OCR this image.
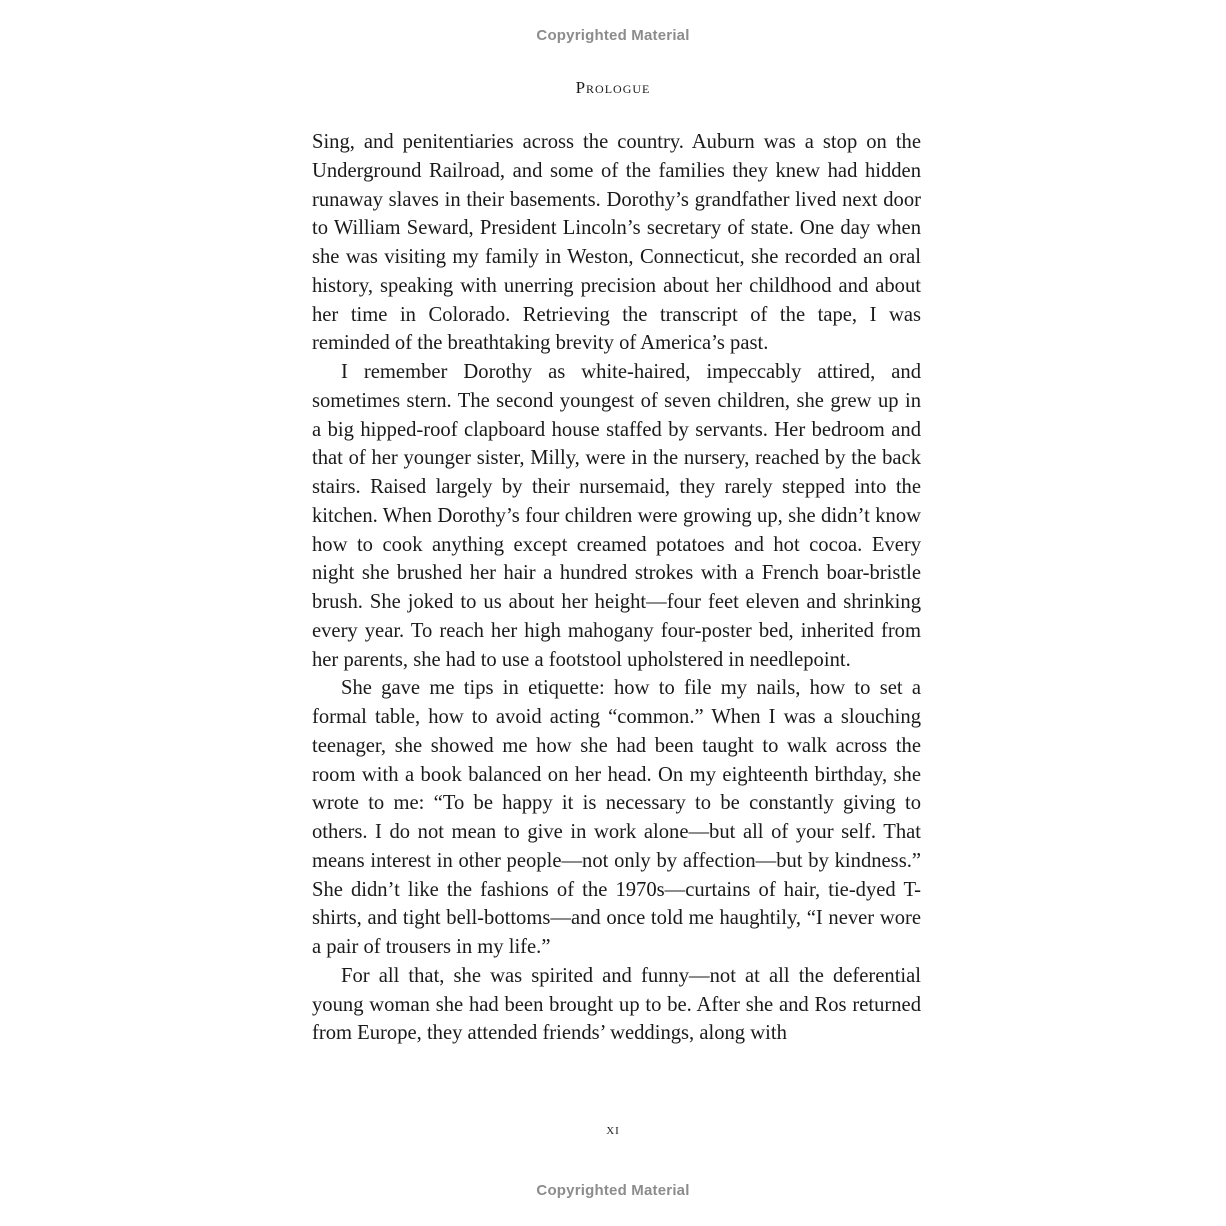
Copyrighted Material
Prologue

Sing, and penitentiaries across the country. Auburn was a stop on the Underground Railroad, and some of the families they knew had hidden runaway slaves in their basements. Dorothy’s grandfather lived next door to William Seward, President Lincoln’s secretary of state. One day when she was visiting my family in Weston, Connecticut, she recorded an oral history, speaking with unerring precision about her childhood and about her time in Colorado. Retrieving the transcript of the tape, I was reminded of the breathtaking brevity of America’s past.

I remember Dorothy as white-haired, impeccably attired, and sometimes stern. The second youngest of seven children, she grew up in a big hipped-roof clapboard house staffed by servants. Her bedroom and that of her younger sister, Milly, were in the nursery, reached by the back stairs. Raised largely by their nursemaid, they rarely stepped into the kitchen. When Dorothy’s four children were growing up, she didn’t know how to cook anything except creamed potatoes and hot cocoa. Every night she brushed her hair a hundred strokes with a French boar-bristle brush. She joked to us about her height—four feet eleven and shrinking every year. To reach her high mahogany four-poster bed, inherited from her parents, she had to use a footstool upholstered in needlepoint.

She gave me tips in etiquette: how to file my nails, how to set a formal table, how to avoid acting “common.” When I was a slouching teenager, she showed me how she had been taught to walk across the room with a book balanced on her head. On my eighteenth birthday, she wrote to me: “To be happy it is necessary to be constantly giving to others. I do not mean to give in work alone—but all of your self. That means interest in other people—not only by affection—but by kindness.” She didn’t like the fashions of the 1970s—curtains of hair, tie-dyed T-shirts, and tight bell-bottoms—and once told me haughtily, “I never wore a pair of trousers in my life.”

For all that, she was spirited and funny—not at all the deferential young woman she had been brought up to be. After she and Ros returned from Europe, they attended friends’ weddings, along with

xi
Copyrighted Material
